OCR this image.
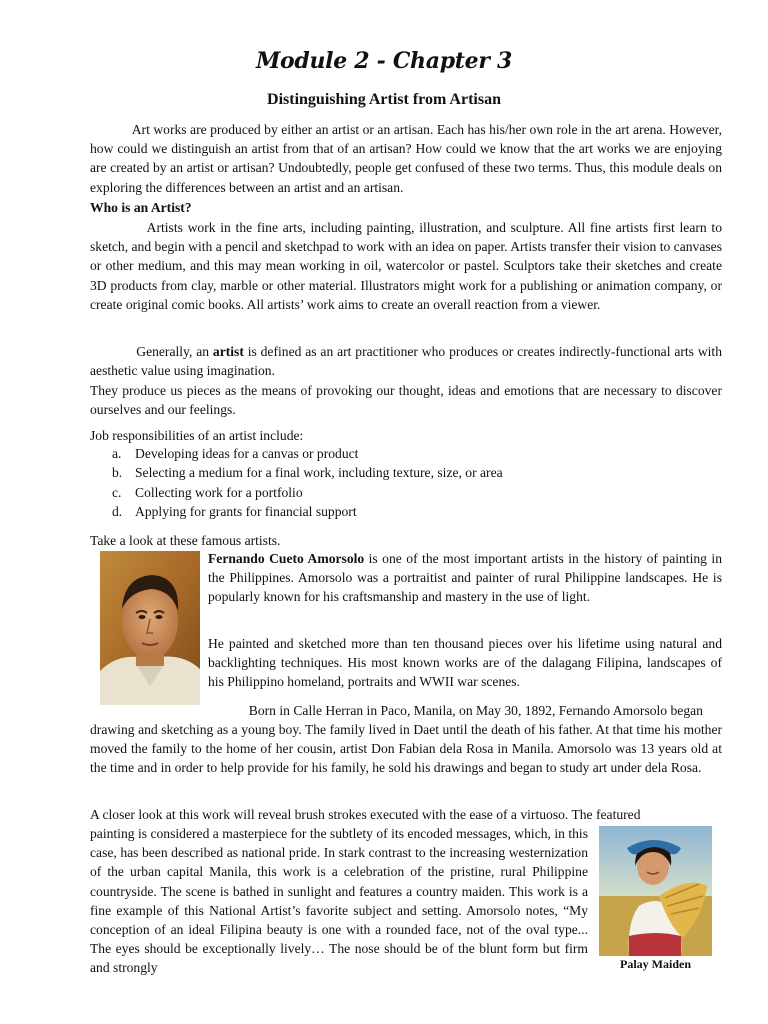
Module 2 - Chapter 3
Distinguishing Artist from Artisan

Art works are produced by either an artist or an artisan. Each has his/her own role in the art arena. However, how could we distinguish an artist from that of an artisan? How could we know that the art works we are enjoying are created by an artist or artisan? Undoubtedly, people get confused of these two terms. Thus, this module deals on exploring the differences between an artist and an artisan.

Who is an Artist?

Artists work in the fine arts, including painting, illustration, and sculpture. All fine artists first learn to sketch, and begin with a pencil and sketchpad to work with an idea on paper. Artists transfer their vision to canvases or other medium, and this may mean working in oil, watercolor or pastel. Sculptors take their sketches and create 3D products from clay, marble or other material. Illustrators might work for a publishing or animation company, or create original comic books. All artists’ work aims to create an overall reaction from a viewer.

Generally, an artist is defined as an art practitioner who produces or creates indirectly-functional arts with aesthetic value using imagination.

They produce us pieces as the means of provoking our thought, ideas and emotions that are necessary to discover ourselves and our feelings.

Job responsibilities of an artist include:
a. Developing ideas for a canvas or product
b. Selecting a medium for a final work, including texture, size, or area
c. Collecting work for a portfolio
d. Applying for grants for financial support
Take a look at these famous artists.

Fernando Cueto Amorsolo is one of the most important artists in the history of painting in the Philippines. Amorsolo was a portraitist and painter of rural Philippine landscapes. He is popularly known for his craftsmanship and mastery in the use of light.

He painted and sketched more than ten thousand pieces over his lifetime using natural and backlighting techniques. His most known works are of the dalagang Filipina, landscapes of his Philippino homeland, portraits and WWII war scenes.

Born in Calle Herran in Paco, Manila, on May 30, 1892, Fernando Amorsolo began

drawing and sketching as a young boy. The family lived in Daet until the death of his father. At that time his mother moved the family to the home of her cousin, artist Don Fabian dela Rosa in Manila. Amorsolo was 13 years old at the time and in order to help provide for his family, he sold his drawings and began to study art under dela Rosa.

A closer look at this work will reveal brush strokes executed with the ease of a virtuoso. The featured

painting is considered a masterpiece for the subtlety of its encoded messages, which, in this case, has been described as national pride. In stark contrast to the increasing westernization of the urban capital Manila, this work is a celebration of the pristine, rural Philippine countryside. The scene is bathed in sunlight and features a country maiden. This work is a fine example of this National Artist’s favorite subject and setting. Amorsolo notes, “My conception of an ideal Filipina beauty is one with a rounded face, not of the oval type... The eyes should be exceptionally lively… The nose should be of the blunt form but firm and strongly	Palay Maiden
